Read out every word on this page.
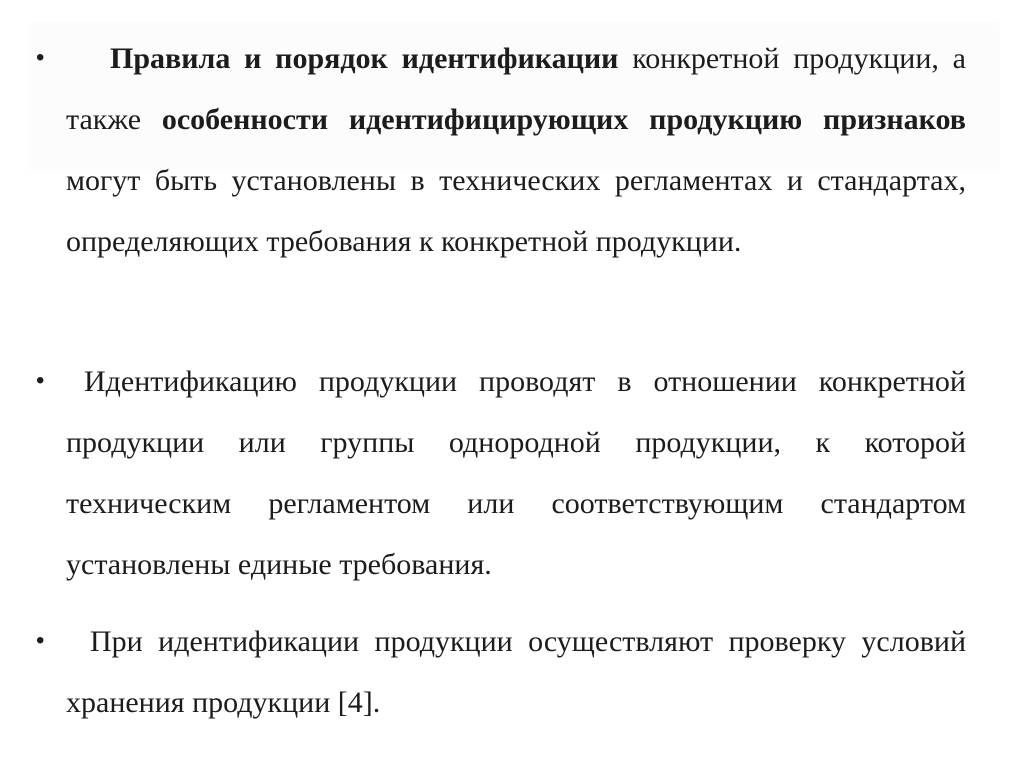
•	Правила и порядок идентификации конкретной продукции, а также особенности идентифицирующих продукцию признаков могут быть установлены в технических регламентах и стандартах, определяющих требования к конкретной продукции.

•	Идентификацию продукции проводят в отношении конкретной продукции или группы однородной продукции, к которой техническим регламентом или соответствующим стандартом установлены единые требования.

•	При идентификации продукции осуществляют проверку условий хранения продукции [4].
